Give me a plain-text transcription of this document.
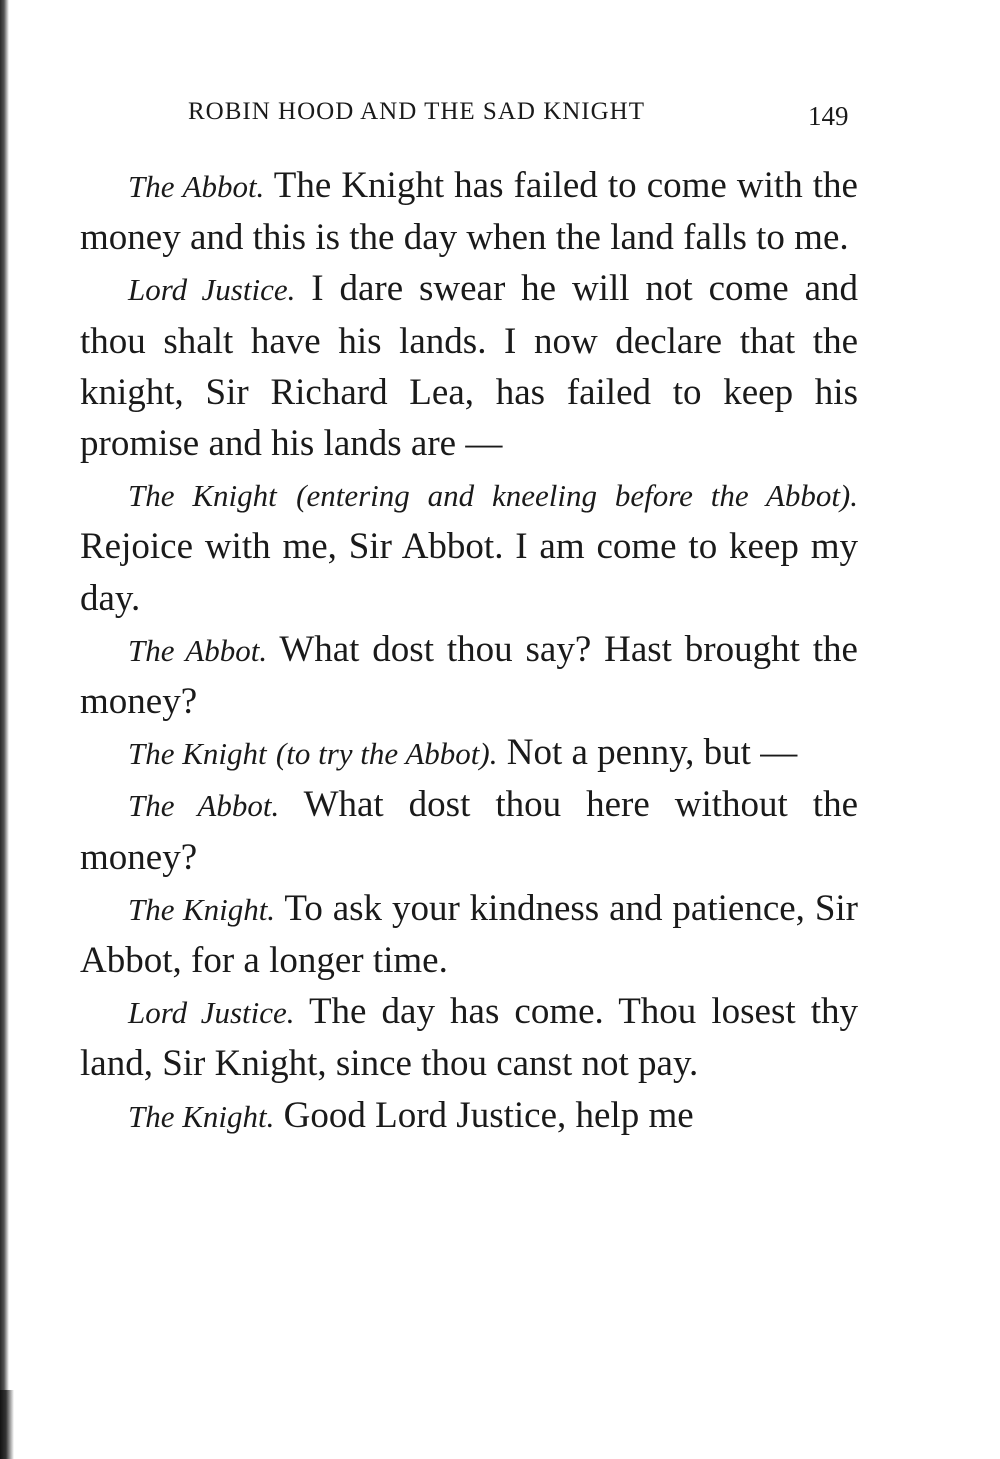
ROBIN HOOD AND THE SAD KNIGHT	149

The Abbot. The Knight has failed to come with the money and this is the day when the land falls to me.

Lord Justice. I dare swear he will not come and thou shalt have his lands. I now declare that the knight, Sir Richard Lea, has failed to keep his promise and his lands are —

The Knight (entering and kneeling before the Abbot). Rejoice with me, Sir Abbot. I am come to keep my day.

The Abbot. What dost thou say? Hast brought the money?

The Knight (to try the Abbot). Not a penny, but —

The Abbot. What dost thou here without the money?

The Knight. To ask your kindness and patience, Sir Abbot, for a longer time.

Lord Justice. The day has come. Thou losest thy land, Sir Knight, since thou canst not pay.

The Knight. Good Lord Justice, help me
